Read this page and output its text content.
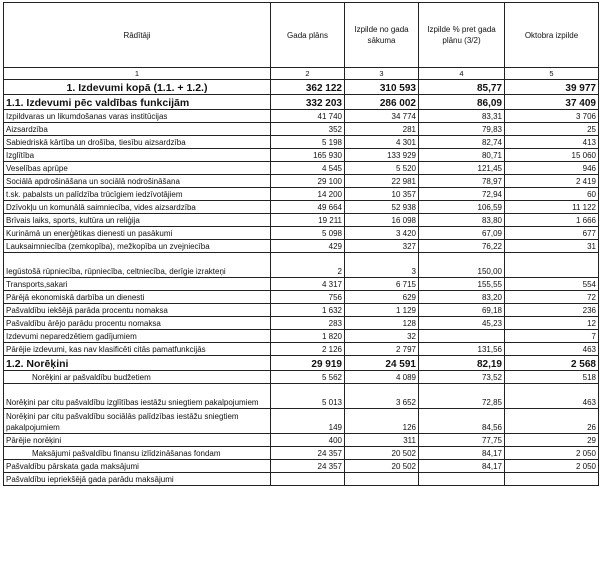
Rādītāji	Gada plāns	Izpilde no gada sākuma	Izpilde % pret gada plānu (3/2)	Oktobra izpilde
1	2	3	4	5
1. Izdevumi kopā (1.1. + 1.2.)	362 122	310 593	85,77	39 977
1.1. Izdevumi pēc valdības funkcijām	332 203	286 002	86,09	37 409
Izpildvaras un likumdošanas varas institūcijas	41 740	34 774	83,31	3 706
Aizsardzība	352	281	79,83	25
Sabiedriskā kārtība un drošība, tiesību aizsardzība	5 198	4 301	82,74	413
Izglītība	165 930	133 929	80,71	15 060
Veselības aprūpe	4 545	5 520	121,45	946
Sociālā apdrošināšana un sociālā nodrošināšana	29 100	22 981	78,97	2 419
t.sk. pabalsts un palīdzība trūcīgiem iedzīvotājiem	14 200	10 357	72,94	60
Dzīvokļu un komunālā saimniecība, vides aizsardzība	49 664	52 938	106,59	11 122
Brīvais laiks, sports, kultūra un reliģija	19 211	16 098	83,80	1 666
Kurināmā un enerģētikas dienesti un pasākumi	5 098	3 420	67,09	677
Lauksaimniecība (zemkopība), mežkopība un zvejniecība	429	327	76,22	31
Iegūstošā rūpniecība, rūpniecība, celtniecība, derīgie izrakteņi	2	3	150,00	
Transports,sakari	4 317	6 715	155,55	554
Pārējā ekonomiskā darbība un dienesti	756	629	83,20	72
Pašvaldību iekšējā parāda procentu nomaksa	1 632	1 129	69,18	236
Pašvaldību ārējo parādu procentu nomaksa	283	128	45,23	12
Izdevumi neparedzētiem gadījumiem	1 820	32		7
Pārējie izdevumi, kas nav klasificēti citās pamatfunkcijās	2 126	2 797	131,56	463
1.2. Norēķini	29 919	24 591	82,19	2 568
Norēķini ar pašvaldību budžetiem	5 562	4 089	73,52	518
Norēķini par citu pašvaldību izglītības iestāžu sniegtiem pakalpojumiem	5 013	3 652	72,85	463
Norēķini par citu pašvaldību sociālās palīdzības iestāžu sniegtiem pakalpojumiem	149	126	84,56	26
Pārējie norēķini	400	311	77,75	29
Maksājumi pašvaldību finansu izlīdzināšanas fondam	24 357	20 502	84,17	2 050
Pašvaldību pārskata gada maksājumi	24 357	20 502	84,17	2 050
Pašvaldību iepriekšējā gada parādu maksājumi				
